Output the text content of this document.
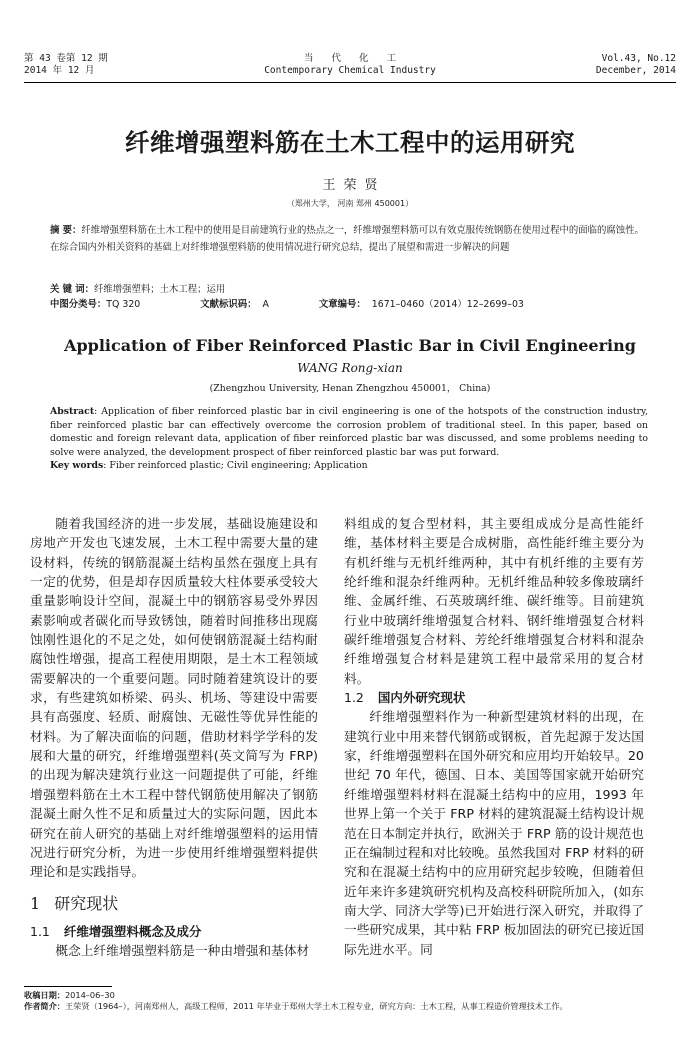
第 43 卷第 12 期
2014 年 12 月
当代化工
Contemporary Chemical Industry
Vol.43, No.12
December, 2014
纤维增强塑料筋在土木工程中的运用研究
王荣贤
（郑州大学， 河南 郑州 450001）
摘 要：纤维增强塑料筋在土木工程中的使用是目前建筑行业的热点之一，纤维增强塑料筋可以有效克服传统钢筋在使用过程中的面临的腐蚀性。在综合国内外相关资料的基础上对纤维增强塑料筋的使用情况进行研究总结，提出了展望和需进一步解决的问题
关 键 词：纤维增强塑料；土木工程；运用
中图分类号：TQ 320	文献标识码： A	文章编号： 1671–0460（2014）12–2699–03
Application of Fiber Reinforced Plastic Bar in Civil Engineering
WANG Rong-xian
(Zhengzhou University, Henan Zhengzhou 450001， China)
Abstract: Application of fiber reinforced plastic bar in civil engineering is one of the hotspots of the construction industry, fiber reinforced plastic bar can effectively overcome the corrosion problem of traditional steel. In this paper, based on domestic and foreign relevant data, application of fiber reinforced plastic bar was discussed, and some problems needing to solve were analyzed, the development prospect of fiber reinforced plastic bar was put forward.
Key words: Fiber reinforced plastic; Civil engineering; Application

随着我国经济的进一步发展，基础设施建设和房地产开发也飞速发展，土木工程中需要大量的建设材料，传统的钢筋混凝土结构虽然在强度上具有一定的优势，但是却存因质量较大柱体要承受较大重量影响设计空间，混凝土中的钢筋容易受外界因素影响或者碳化而导致锈蚀，随着时间推移出现腐蚀刚性退化的不足之处，如何使钢筋混凝土结构耐腐蚀性增强，提高工程使用期限，是土木工程领域需要解决的一个重要问题。同时随着建筑设计的要求，有些建筑如桥梁、码头、机场、等建设中需要具有高强度、轻质、耐腐蚀、无磁性等优异性能的材料。为了解决面临的问题，借助材料学学科的发展和大量的研究，纤维增强塑料(英文简写为 FRP)的出现为解决建筑行业这一问题提供了可能，纤维增强塑料筋在土木工程中替代钢筋使用解决了钢筋混凝土耐久性不足和质量过大的实际问题，因此本研究在前人研究的基础上对纤维增强塑料的运用情况进行研究分析，为进一步使用纤维增强塑料提供理论和是实践指导。

1 研究现状
1.1 纤维增强塑料概念及成分

概念上纤维增强塑料筋是一种由增强和基体材

料组成的复合型材料，其主要组成成分是高性能纤维，基体材料主要是合成树脂，高性能纤维主要分为有机纤维与无机纤维两种，其中有机纤维的主要有芳纶纤维和混杂纤维两种。无机纤维品种较多像玻璃纤维、金属纤维、石英玻璃纤维、碳纤维等。目前建筑行业中玻璃纤维增强复合材料、钢纤维增强复合材料碳纤维增强复合材料、芳纶纤维增强复合材料和混杂纤维增强复合材料是建筑工程中最常采用的复合材料。
1.2 国内外研究现状

纤维增强塑料作为一种新型建筑材料的出现，在建筑行业中用来替代钢筋或钢板，首先起源于发达国家，纤维增强塑料在国外研究和应用均开始较早。20 世纪 70 年代，德国、日本、美国等国家就开始研究纤维增强塑料材料在混凝土结构中的应用，1993 年世界上第一个关于 FRP 材料的建筑混凝土结构设计规范在日本制定并执行，欧洲关于 FRP 筋的设计规范也正在编制过程和对比较晚。虽然我国对 FRP 材料的研究和在混凝土结构中的应用研究起步较晚，但随着但近年来许多建筑研究机构及高校科研院所加入，(如东南大学、同济大学等)已开始进行深入研究，并取得了一些研究成果，其中粘 FRP 板加固法的研究已接近国际先进水平。同

收稿日期：2014–06–30
作者简介：王荣贤（1964–），河南郑州人，高级工程师，2011 年毕业于郑州大学土木工程专业，研究方向：土木工程，从事工程造价管理技术工作。
